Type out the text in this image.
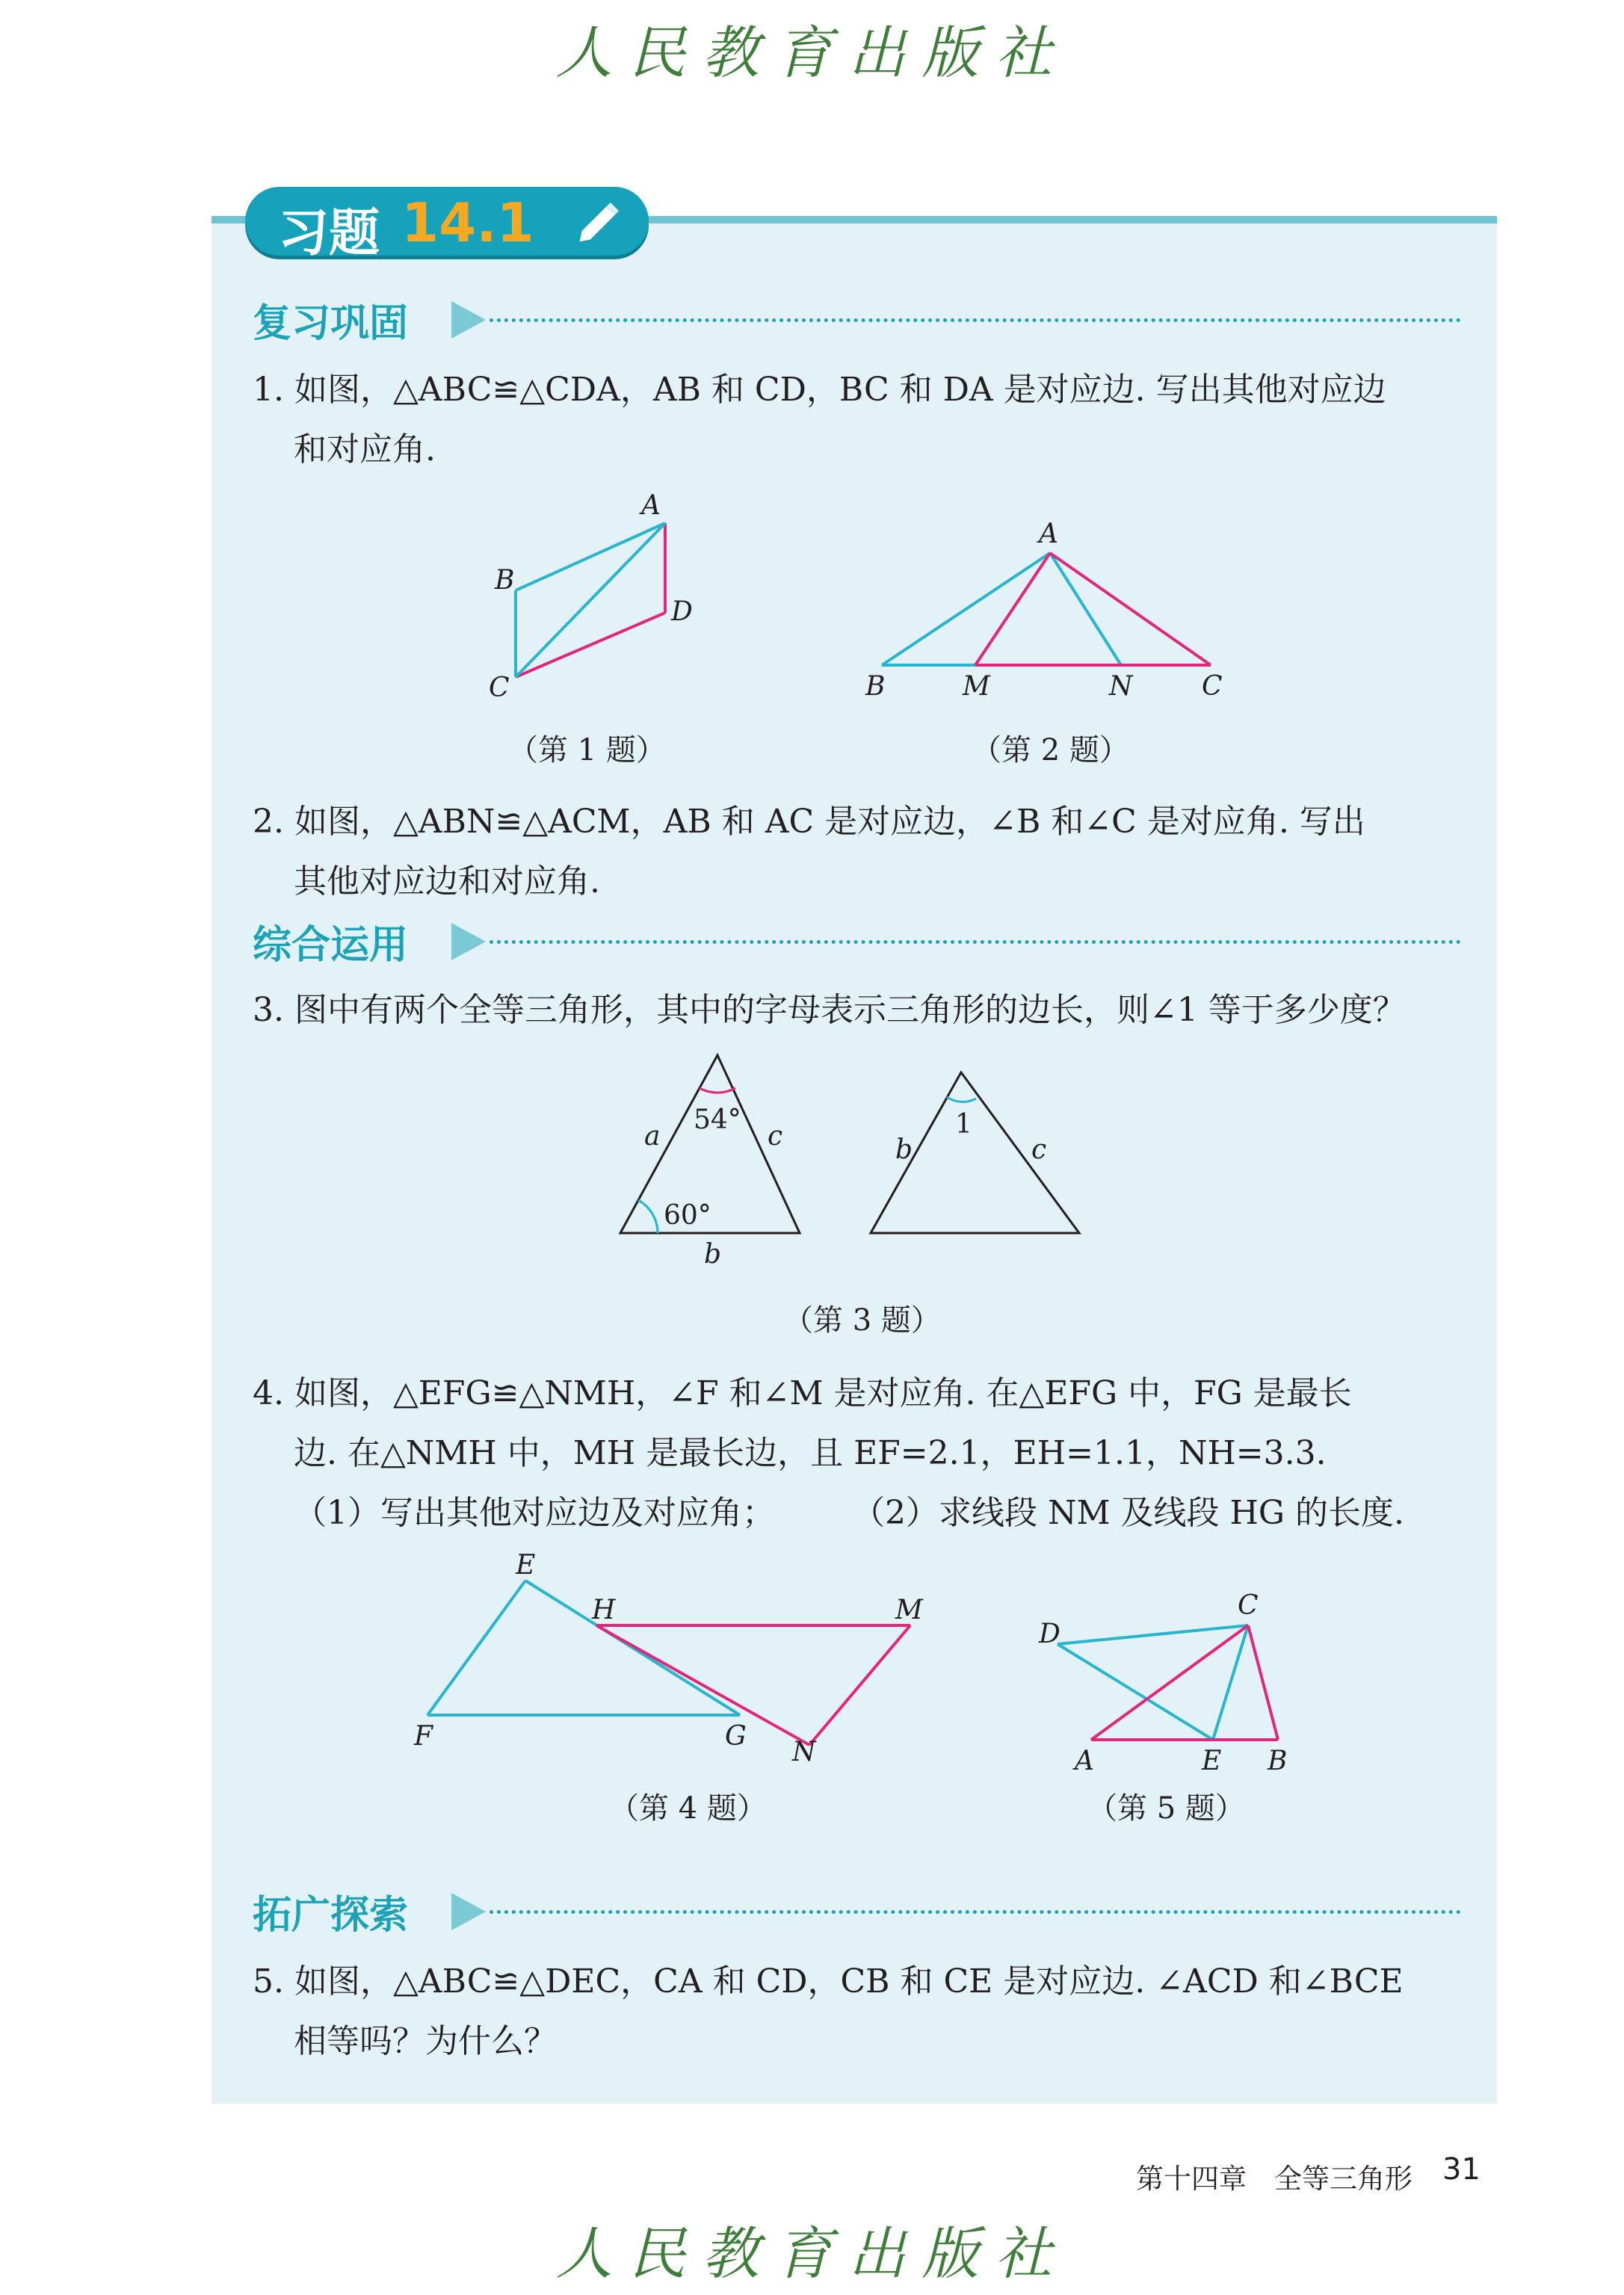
人民教育出版社
习题 14.1
复习巩固
1. 如图，△ABC≌△CDA，AB 和 CD，BC 和 DA 是对应边. 写出其他对应边
和对应角.
A
B
D
C
（第 1 题）
A
B	M	N	C
（第 2 题）
2. 如图，△ABN≌△ACM，AB 和 AC 是对应边，∠B 和∠C 是对应角. 写出
其他对应边和对应角.
综合运用
3. 图中有两个全等三角形，其中的字母表示三角形的边长，则∠1 等于多少度？
a	c
b
54°
60°
b	c
1
（第 3 题）
4. 如图，△EFG≌△NMH，∠F 和∠M 是对应角. 在△EFG 中，FG 是最长
边. 在△NMH 中，MH 是最长边，且 EF=2.1，EH=1.1，NH=3.3.
（1）写出其他对应边及对应角； （2）求线段 NM 及线段 HG 的长度.
E
H	M
F	G
N
（第 4 题）
C
D
A	E B
（第 5 题）
拓广探索
5. 如图，△ABC≌△DEC，CA 和 CD，CB 和 CE 是对应边. ∠ACD 和∠BCE
相等吗？为什么？
第十四章　全等三角形 31
人民教育出版社
